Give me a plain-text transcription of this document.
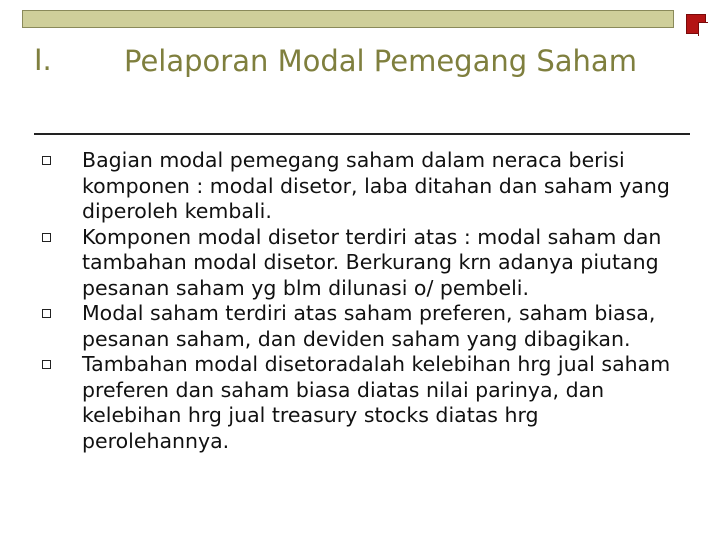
I. Pelaporan Modal Pemegang Saham
Bagian modal pemegang saham dalam neraca berisi komponen : modal disetor, laba ditahan dan saham yang diperoleh kembali.
Komponen modal disetor terdiri atas : modal saham dan tambahan modal disetor. Berkurang krn adanya piutang pesanan saham yg blm dilunasi o/ pembeli.
Modal saham terdiri atas saham preferen, saham biasa, pesanan saham, dan deviden saham yang dibagikan.
Tambahan modal disetoradalah kelebihan hrg jual saham preferen dan saham biasa diatas nilai parinya, dan kelebihan hrg jual treasury stocks diatas hrg perolehannya.
